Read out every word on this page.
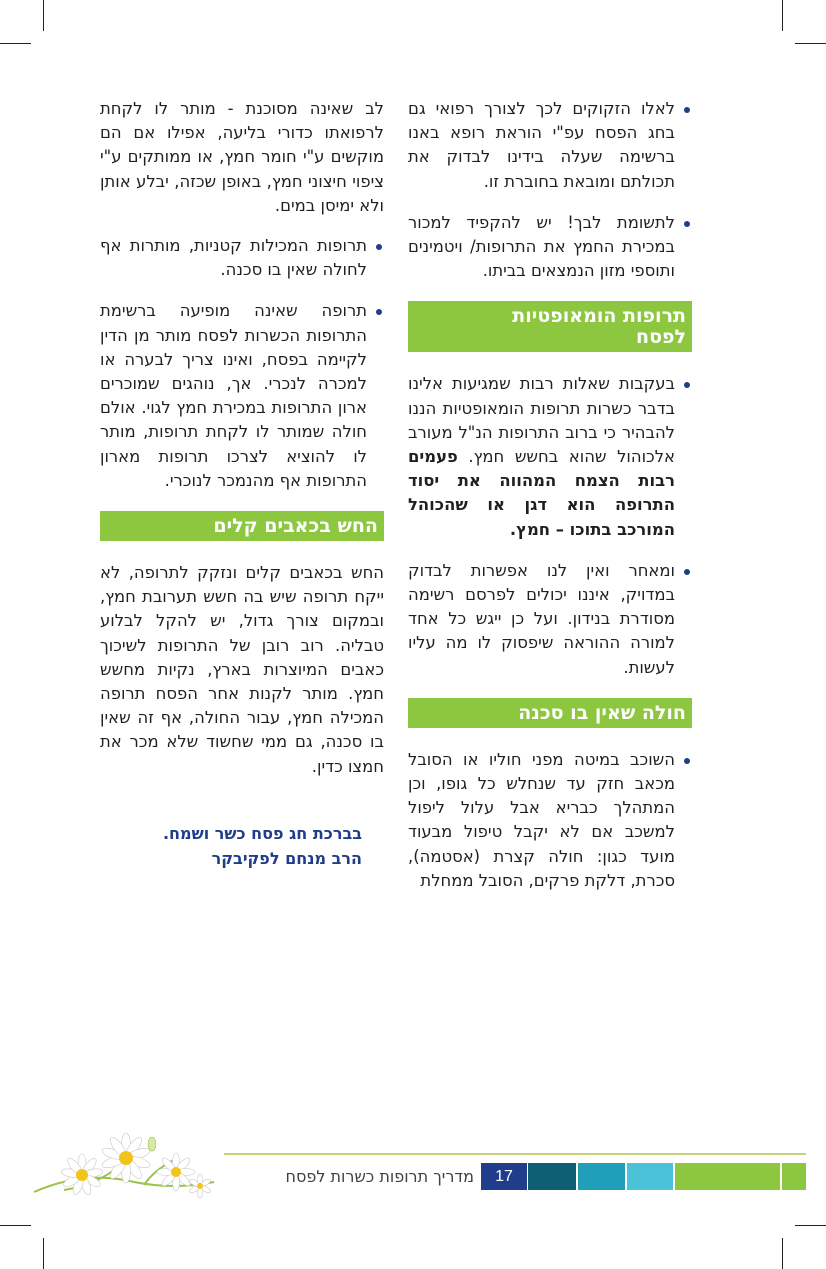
לאלו הזקוקים לכך לצורך רפואי גם בחג הפסח עפ"י הוראת רופא באנו ברשימה שעלה בידינו לבדוק את תכולתם ומובאת בחוברת זו.
לתשומת לבך! יש להקפיד למכור במכירת החמץ את התרופות/ ויטמינים ותוספי מזון הנמצאים בביתו.
תרופות הומאופטיות לפסח
בעקבות שאלות רבות שמגיעות אלינו בדבר כשרות תרופות הומאופטיות הננו להבהיר כי ברוב התרופות הנ"ל מעורב אלכוהול שהוא בחשש חמץ. פעמים רבות הצמח המהווה את יסוד התרופה הוא דגן או שהכוהל המורכב בתוכו – חמץ.
ומאחר ואין לנו אפשרות לבדוק במדויק, איננו יכולים לפרסם רשימה מסודרת בנידון. ועל כן ייגש כל אחד למורה ההוראה שיפסוק לו מה עליו לעשות.
חולה שאין בו סכנה
השוכב במיטה מפני חוליו או הסובל מכאב חזק עד שנחלש כל גופו, וכן המתהלך כבריא אבל עלול ליפול למשכב אם לא יקבל טיפול מבעוד מועד כגון: חולה קצרת (אסטמה), סכרת, דלקת פרקים, הסובל ממחלת
לב שאינה מסוכנת - מותר לו לקחת לרפואתו כדורי בליעה, אפילו אם הם מוקשים ע"י חומר חמץ, או ממותקים ע"י ציפוי חיצוני חמץ, באופן שכזה, יבלע אותן ולא ימיסן במים.
תרופות המכילות קטניות, מותרות אף לחולה שאין בו סכנה.
תרופה שאינה מופיעה ברשימת התרופות הכשרות לפסח מותר מן הדין לקיימה בפסח, ואינו צריך לבערה או למכרה לנכרי. אך, נוהגים שמוכרים ארון התרופות במכירת חמץ לגוי. אולם חולה שמותר לו לקחת תרופות, מותר לו להוציא לצרכו תרופות מארון התרופות אף מהנמכר לנוכרי.
החש בכאבים קלים
החש בכאבים קלים ונזקק לתרופה, לא ייקח תרופה שיש בה חשש תערובת חמץ, ובמקום צורך גדול, יש להקל לבלוע טבליה. רוב רובן של התרופות לשיכוך כאבים המיוצרות בארץ, נקיות מחשש חמץ. מותר לקנות אחר הפסח תרופה המכילה חמץ, עבור החולה, אף זה שאין בו סכנה, גם ממי שחשוד שלא מכר את חמצו כדין.
בברכת חג פסח כשר ושמח.
הרב מנחם לפקיבקר
מדריך תרופות כשרות לפסח	17
